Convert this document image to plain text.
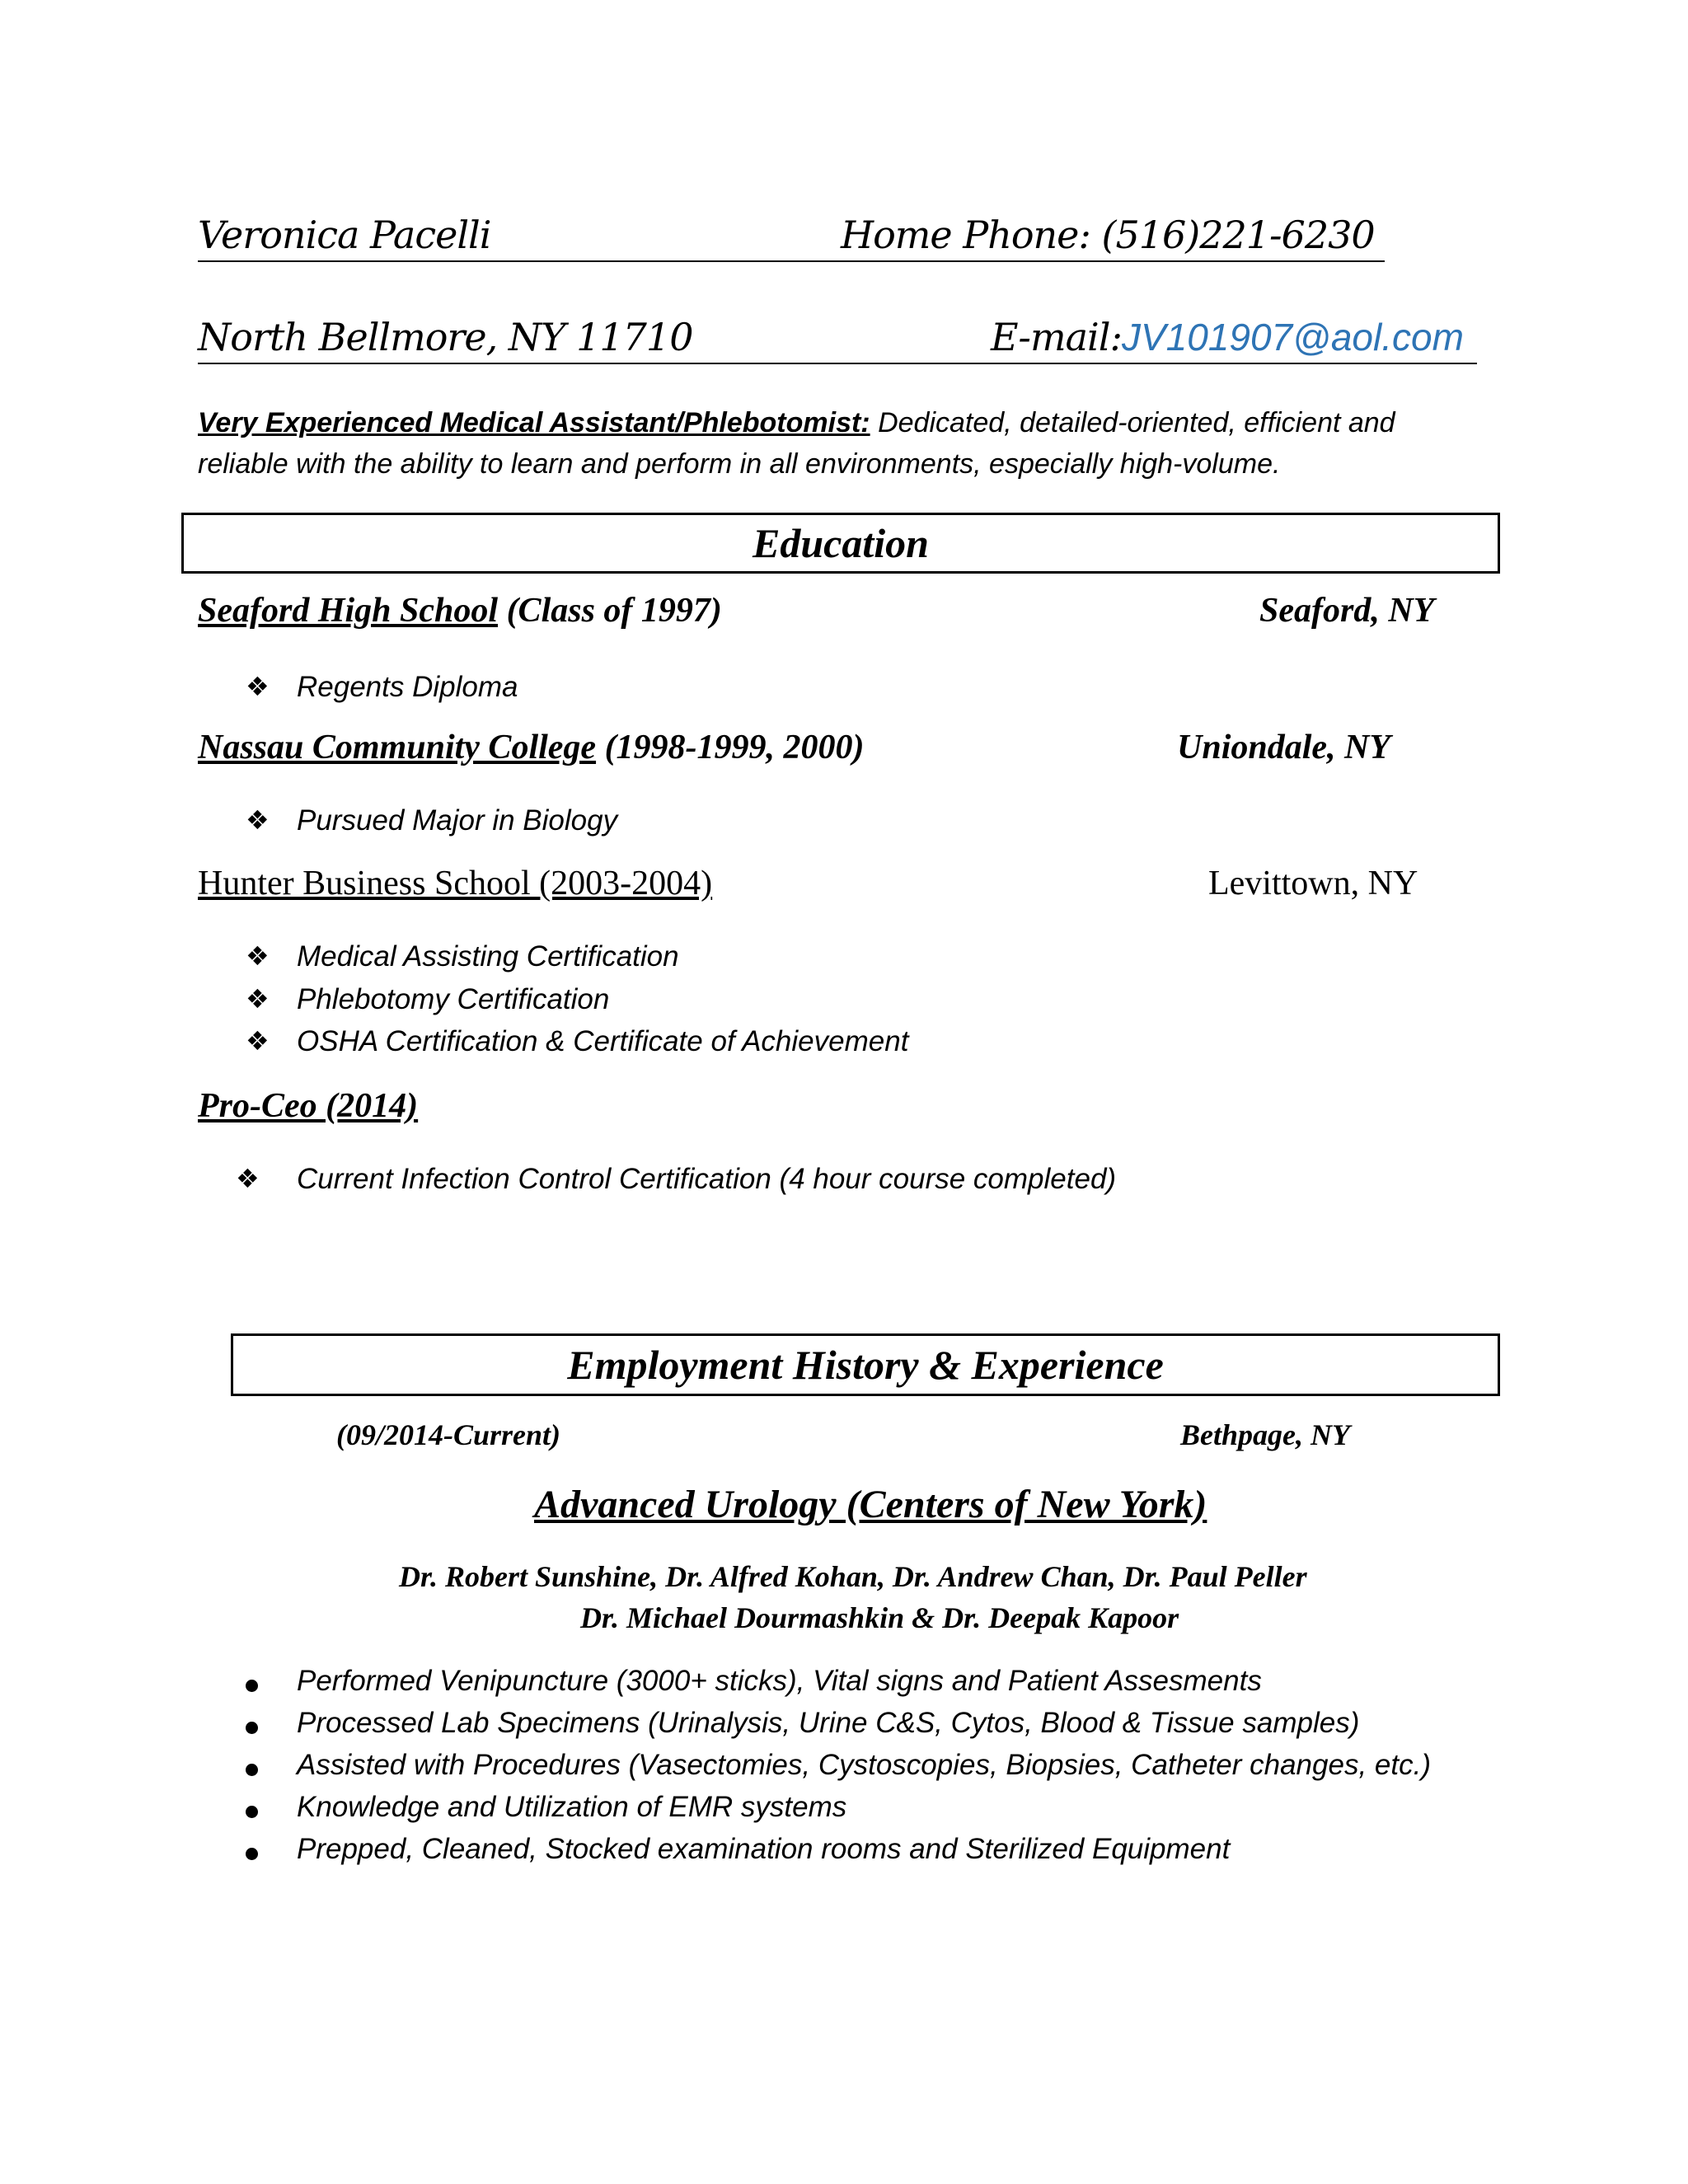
Veronica Pacelli	Home Phone: (516)221-6230
North Bellmore, NY 11710	E-mail:JV101907@aol.com
Very Experienced Medical Assistant/Phlebotomist: Dedicated, detailed-oriented, efficient and
reliable with the ability to learn and perform in all environments, especially high-volume.
Education
Seaford High School (Class of 1997)	Seaford, NY
❖ Regents Diploma
Nassau Community College (1998-1999, 2000)	Uniondale, NY
❖ Pursued Major in Biology
Hunter Business School (2003-2004)	Levittown, NY
❖ Medical Assisting Certification
❖ Phlebotomy Certification
❖ OSHA Certification & Certificate of Achievement
Pro-Ceo (2014)
❖ Current Infection Control Certification (4 hour course completed)
Employment History & Experience
(09/2014-Current)	Bethpage, NY
Advanced Urology (Centers of New York)
Dr. Robert Sunshine, Dr. Alfred Kohan, Dr. Andrew Chan, Dr. Paul Peller
Dr. Michael Dourmashkin & Dr. Deepak Kapoor
Performed Venipuncture (3000+ sticks), Vital signs and Patient Assesments
Processed Lab Specimens (Urinalysis, Urine C&S, Cytos, Blood & Tissue samples)
Assisted with Procedures (Vasectomies, Cystoscopies, Biopsies, Catheter changes, etc.)
Knowledge and Utilization of EMR systems
Prepped, Cleaned, Stocked examination rooms and Sterilized Equipment
